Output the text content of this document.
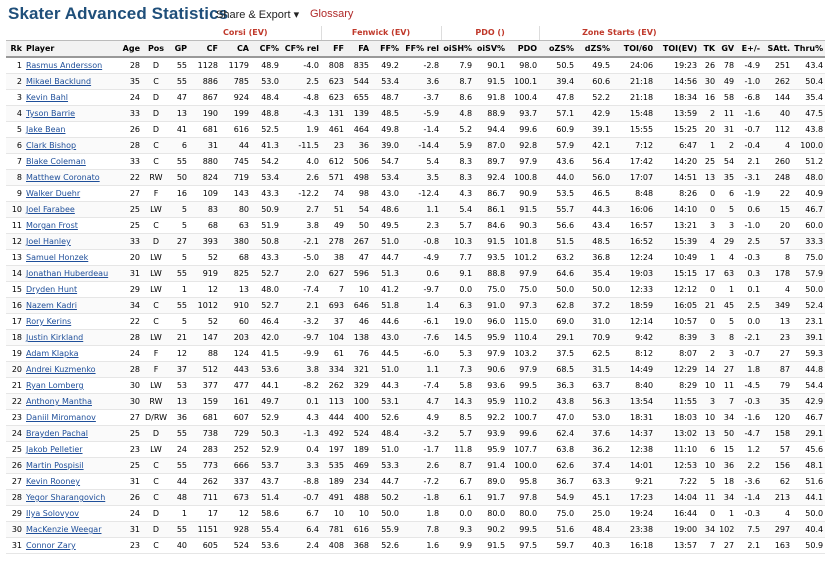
Skater Advanced Statistics
Share & Export ▾ Glossary
				Corsi (EV)					Fenwick (EV)				PDO ()			Zone Starts (EV)								
Rk	Player	Age	Pos	GP	CF	CA	CF%	CF% rel	FF	FA	FF%	FF% rel	oiSH%	oiSV%	PDO	oZS%	dZS%	TOI/60	TOI(EV)	TK	GV	E+/-	SAtt.	Thru%
1	Rasmus Andersson	28	D	55	1128	1179	48.9	-4.0	808	835	49.2	-2.8	7.9	90.1	98.0	50.5	49.5	24:06	19:23	26	78	-4.9	251	43.4
2	Mikael Backlund	35	C	55	886	785	53.0	2.5	623	544	53.4	3.6	8.7	91.5	100.1	39.4	60.6	21:18	14:56	30	49	-1.0	262	50.4
3	Kevin Bahl	24	D	47	867	924	48.4	-4.8	623	655	48.7	-3.7	8.6	91.8	100.4	47.8	52.2	21:18	18:34	16	58	-6.8	144	35.4
4	Tyson Barrie	33	D	13	190	199	48.8	-4.3	131	139	48.5	-5.9	4.8	88.9	93.7	57.1	42.9	15:48	13:59	2	11	-1.6	40	47.5
5	Jake Bean	26	D	41	681	616	52.5	1.9	461	464	49.8	-1.4	5.2	94.4	99.6	60.9	39.1	15:55	15:25	20	31	-0.7	112	43.8
6	Clark Bishop	28	C	6	31	44	41.3	-11.5	23	36	39.0	-14.4	5.9	87.0	92.8	57.9	42.1	7:12	6:47	1	2	-0.4	4	100.0
7	Blake Coleman	33	C	55	880	745	54.2	4.0	612	506	54.7	5.4	8.3	89.7	97.9	43.6	56.4	17:42	14:20	25	54	2.1	260	51.2
8	Matthew Coronato	22	RW	50	824	719	53.4	2.6	571	498	53.4	3.5	8.3	92.4	100.8	44.0	56.0	17:07	14:51	13	35	-3.1	248	48.0
9	Walker Duehr	27	F	16	109	143	43.3	-12.2	74	98	43.0	-12.4	4.3	86.7	90.9	53.5	46.5	8:48	8:26	0	6	-1.9	22	40.9
10	Joel Farabee	25	LW	5	83	80	50.9	2.7	51	54	48.6	1.1	5.4	86.1	91.5	55.7	44.3	16:06	14:10	0	5	0.6	15	46.7
11	Morgan Frost	25	C	5	68	63	51.9	3.8	49	50	49.5	2.3	5.7	84.6	90.3	56.6	43.4	16:57	13:21	3	3	-1.0	20	60.0
12	Joel Hanley	33	D	27	393	380	50.8	-2.1	278	267	51.0	-0.8	10.3	91.5	101.8	51.5	48.5	16:52	15:39	4	29	2.5	57	33.3
13	Samuel Honzek	20	LW	5	52	68	43.3	-5.0	38	47	44.7	-4.9	7.7	93.5	101.2	63.2	36.8	12:24	10:49	1	4	-0.3	8	75.0
14	Jonathan Huberdeau	31	LW	55	919	825	52.7	2.0	627	596	51.3	0.6	9.1	88.8	97.9	64.6	35.4	19:03	15:15	17	63	0.3	178	57.9
15	Dryden Hunt	29	LW	1	12	13	48.0	-7.4	7	10	41.2	-9.7	0.0	75.0	75.0	50.0	50.0	12:33	12:12	0	1	0.1	4	50.0
16	Nazem Kadri	34	C	55	1012	910	52.7	2.1	693	646	51.8	1.4	6.3	91.0	97.3	62.8	37.2	18:59	16:05	21	45	2.5	349	52.4
17	Rory Kerins	22	C	5	52	60	46.4	-3.2	37	46	44.6	-6.1	19.0	96.0	115.0	69.0	31.0	12:14	10:57	0	5	0.0	13	23.1
18	Justin Kirkland	28	LW	21	147	203	42.0	-9.7	104	138	43.0	-7.6	14.5	95.9	110.4	29.1	70.9	9:42	8:39	3	8	-2.1	23	39.1
19	Adam Klapka	24	F	12	88	124	41.5	-9.9	61	76	44.5	-6.0	5.3	97.9	103.2	37.5	62.5	8:12	8:07	2	3	-0.7	27	59.3
20	Andrei Kuzmenko	28	F	37	512	443	53.6	3.8	334	321	51.0	1.1	7.3	90.6	97.9	68.5	31.5	14:49	12:29	14	27	1.8	87	44.8
21	Ryan Lomberg	30	LW	53	377	477	44.1	-8.2	262	329	44.3	-7.4	5.8	93.6	99.5	36.3	63.7	8:40	8:29	10	11	-4.5	79	54.4
22	Anthony Mantha	30	RW	13	159	161	49.7	0.1	113	100	53.1	4.7	14.3	95.9	110.2	43.8	56.3	13:54	11:55	3	7	-0.3	35	42.9
23	Daniil Miromanov	27	D/RW	36	681	607	52.9	4.3	444	400	52.6	4.9	8.5	92.2	100.7	47.0	53.0	18:31	18:03	10	34	-1.6	120	46.7
24	Brayden Pachal	25	D	55	738	729	50.3	-1.3	492	524	48.4	-3.2	5.7	93.9	99.6	62.4	37.6	14:37	13:02	13	50	-4.7	158	29.1
25	Jakob Pelletier	23	LW	24	283	252	52.9	0.4	197	189	51.0	-1.7	11.8	95.9	107.7	63.8	36.2	12:38	11:10	6	15	1.2	57	45.6
26	Martin Pospisil	25	C	55	773	666	53.7	3.3	535	469	53.3	2.6	8.7	91.4	100.0	62.6	37.4	14:01	12:53	10	36	2.2	156	48.1
27	Kevin Rooney	31	C	44	262	337	43.7	-8.8	189	234	44.7	-7.2	6.7	89.0	95.8	36.7	63.3	9:21	7:22	5	18	-3.6	62	51.6
28	Yegor Sharangovich	26	C	48	711	673	51.4	-0.7	491	488	50.2	-1.8	6.1	91.7	97.8	54.9	45.1	17:23	14:04	11	34	-1.4	213	44.1
29	Ilya Solovyov	24	D	1	17	12	58.6	6.7	10	10	50.0	1.8	0.0	80.0	80.0	75.0	25.0	19:24	16:44	0	1	-0.3	4	50.0
30	MacKenzie Weegar	31	D	55	1151	928	55.4	6.4	781	616	55.9	7.8	9.3	90.2	99.5	51.6	48.4	23:38	19:00	34	102	7.5	297	40.4
31	Connor Zary	23	C	40	605	524	53.6	2.4	408	368	52.6	1.6	9.9	91.5	97.5	59.7	40.3	16:18	13:57	7	27	2.1	163	50.9
